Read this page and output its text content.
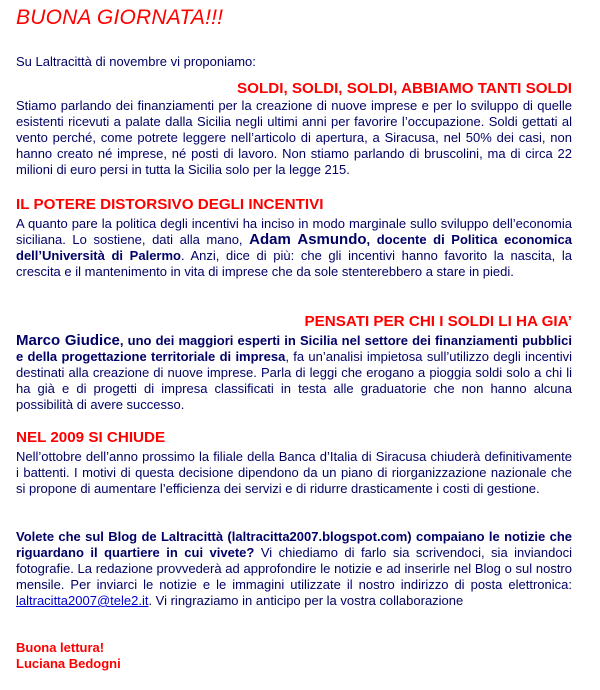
BUONA GIORNATA!!!

Su Laltracittà di novembre vi proponiamo:

SOLDI, SOLDI, SOLDI, ABBIAMO TANTI SOLDI

Stiamo parlando dei finanziamenti per la creazione di nuove imprese e per lo sviluppo di quelle esistenti ricevuti a palate dalla Sicilia negli ultimi anni per favorire l’occupazione. Soldi gettati al vento perché, come potrete leggere nell’articolo di apertura, a Siracusa, nel 50% dei casi, non hanno creato né imprese, né posti di lavoro. Non stiamo parlando di bruscolini, ma di circa 22 milioni di euro persi in tutta la Sicilia solo per la legge 215.

IL POTERE DISTORSIVO DEGLI INCENTIVI

A quanto pare la politica degli incentivi ha inciso in modo marginale sullo sviluppo dell’economia siciliana. Lo sostiene, dati alla mano, Adam Asmundo, docente di Politica economica dell’Università di Palermo. Anzi, dice di più: che gli incentivi hanno favorito la nascita, la crescita e il mantenimento in vita di imprese che da sole stenterebbero a stare in piedi.

PENSATI PER CHI I SOLDI LI HA GIA’

Marco Giudice, uno dei maggiori esperti in Sicilia nel settore dei finanziamenti pubblici e della progettazione territoriale di impresa, fa un’analisi impietosa sull’utilizzo degli incentivi destinati alla creazione di nuove imprese. Parla di leggi che erogano a pioggia soldi solo a chi li ha già e di progetti di impresa classificati in testa alle graduatorie che non hanno alcuna possibilità di avere successo.

NEL 2009 SI CHIUDE

Nell’ottobre dell’anno prossimo la filiale della Banca d’Italia di Siracusa chiuderà definitivamente i battenti. I motivi di questa decisione dipendono da un piano di riorganizzazione nazionale che si propone di aumentare l’efficienza dei servizi e di ridurre drasticamente i costi di gestione.

Volete che sul Blog de Laltracittà (laltracitta2007.blogspot.com) compaiano le notizie che riguardano il quartiere in cui vivete? Vi chiediamo di farlo sia scrivendoci, sia inviandoci fotografie. La redazione provvederà ad approfondire le notizie e ad inserirle nel Blog o sul nostro mensile. Per inviarci le notizie e le immagini utilizzate il nostro indirizzo di posta elettronica: laltracitta2007@tele2.it. Vi ringraziamo in anticipo per la vostra collaborazione

Buona lettura!

Luciana Bedogni
